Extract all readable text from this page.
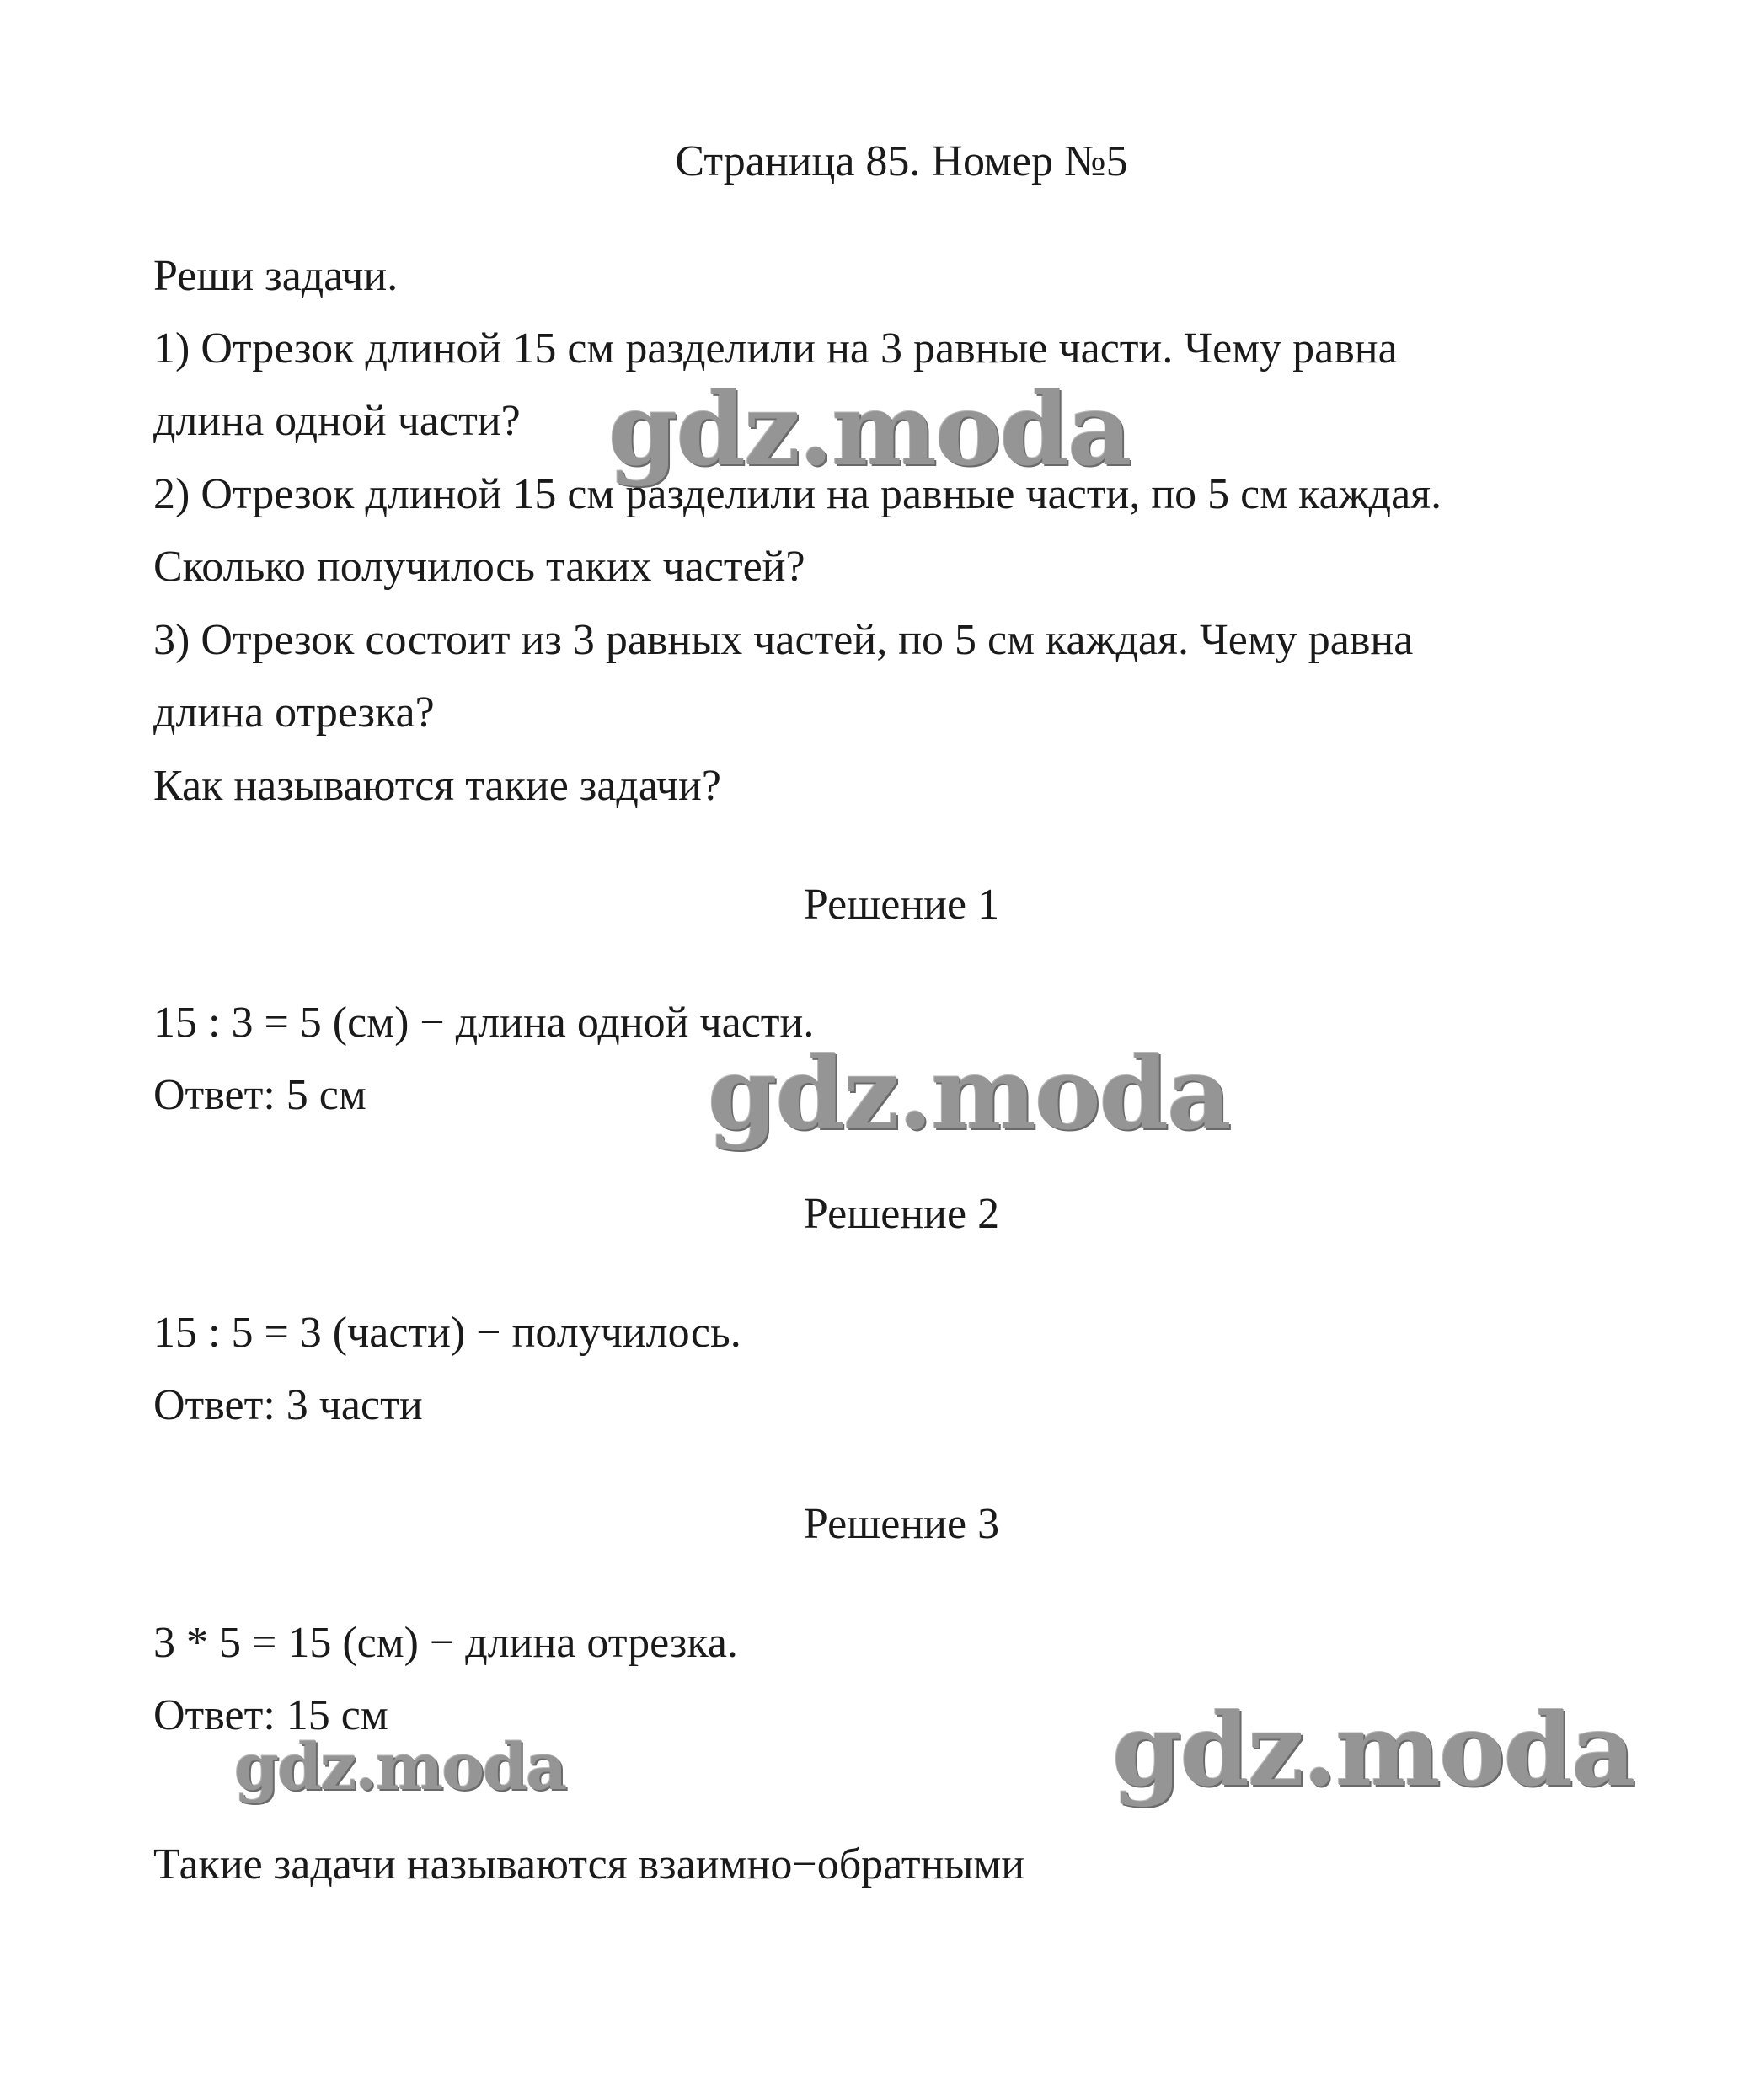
Страница 85. Номер №5
Реши задачи.
1) Отрезок длиной 15 см разделили на 3 равные части. Чему равна
длина одной части?
2) Отрезок длиной 15 см разделили на равные части, по 5 см каждая.
Сколько получилось таких частей?
3) Отрезок состоит из 3 равных частей, по 5 см каждая. Чему равна
длина отрезка?
Как называются такие задачи?
Решение 1
15 : 3 = 5 (см) − длина одной части.
Ответ: 5 см
Решение 2
15 : 5 = 3 (части) − получилось.
Ответ: 3 части
Решение 3
3 * 5 = 15 (см) − длина отрезка.
Ответ: 15 см
Такие задачи называются взаимно−обратными
gdz.moda
gdz.moda
gdz.moda	gdz.moda
